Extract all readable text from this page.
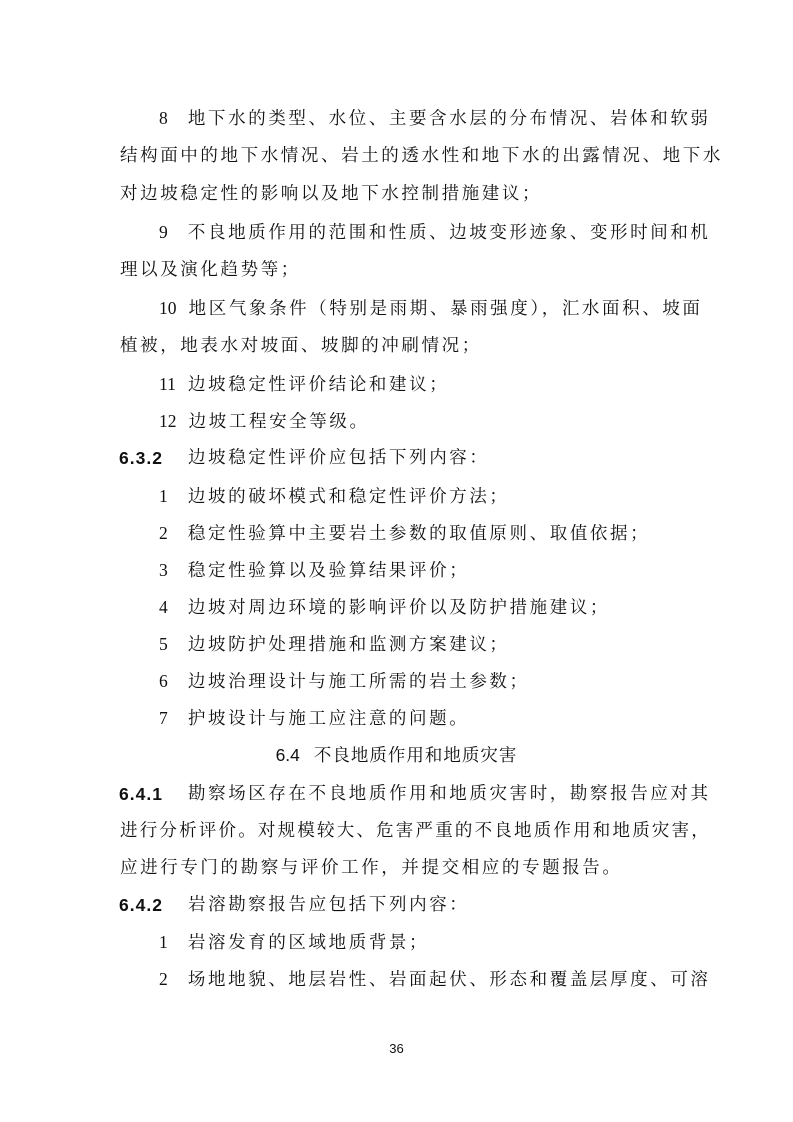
8 地下水的类型、水位、主要含水层的分布情况、岩体和软弱
结构面中的地下水情况、岩土的透水性和地下水的出露情况、地下水
对边坡稳定性的影响以及地下水控制措施建议；
9 不良地质作用的范围和性质、边坡变形迹象、变形时间和机
理以及演化趋势等；
10 地区气象条件（特别是雨期、暴雨强度），汇水面积、坡面
植被，地表水对坡面、坡脚的冲刷情况；
11 边坡稳定性评价结论和建议；
12 边坡工程安全等级。
6.3.2 边坡稳定性评价应包括下列内容：
1 边坡的破坏模式和稳定性评价方法；
2 稳定性验算中主要岩土参数的取值原则、取值依据；
3 稳定性验算以及验算结果评价；
4 边坡对周边环境的影响评价以及防护措施建议；
5 边坡防护处理措施和监测方案建议；
6 边坡治理设计与施工所需的岩土参数；
7 护坡设计与施工应注意的问题。
6.4 不良地质作用和地质灾害
6.4.1 勘察场区存在不良地质作用和地质灾害时，勘察报告应对其
进行分析评价。对规模较大、危害严重的不良地质作用和地质灾害，
应进行专门的勘察与评价工作，并提交相应的专题报告。
6.4.2 岩溶勘察报告应包括下列内容：
1 岩溶发育的区域地质背景；
2 场地地貌、地层岩性、岩面起伏、形态和覆盖层厚度、可溶
36
